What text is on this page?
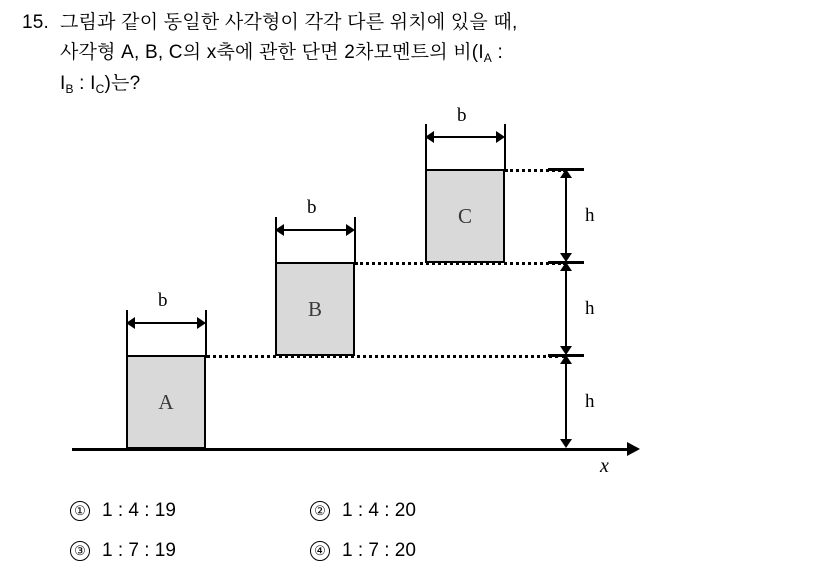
15. 그림과 같이 동일한 사각형이 각각 다른 위치에 있을 때,
사각형 A, B, C의 x축에 관한 단면 2차모멘트의 비($I_A$ :
$I_B$ : $I_C$)는?
x
A
B
C
b
b
b
h
h
h
① 1 : 4 : 19	② 1 : 4 : 20
③ 1 : 7 : 19	④ 1 : 7 : 20
